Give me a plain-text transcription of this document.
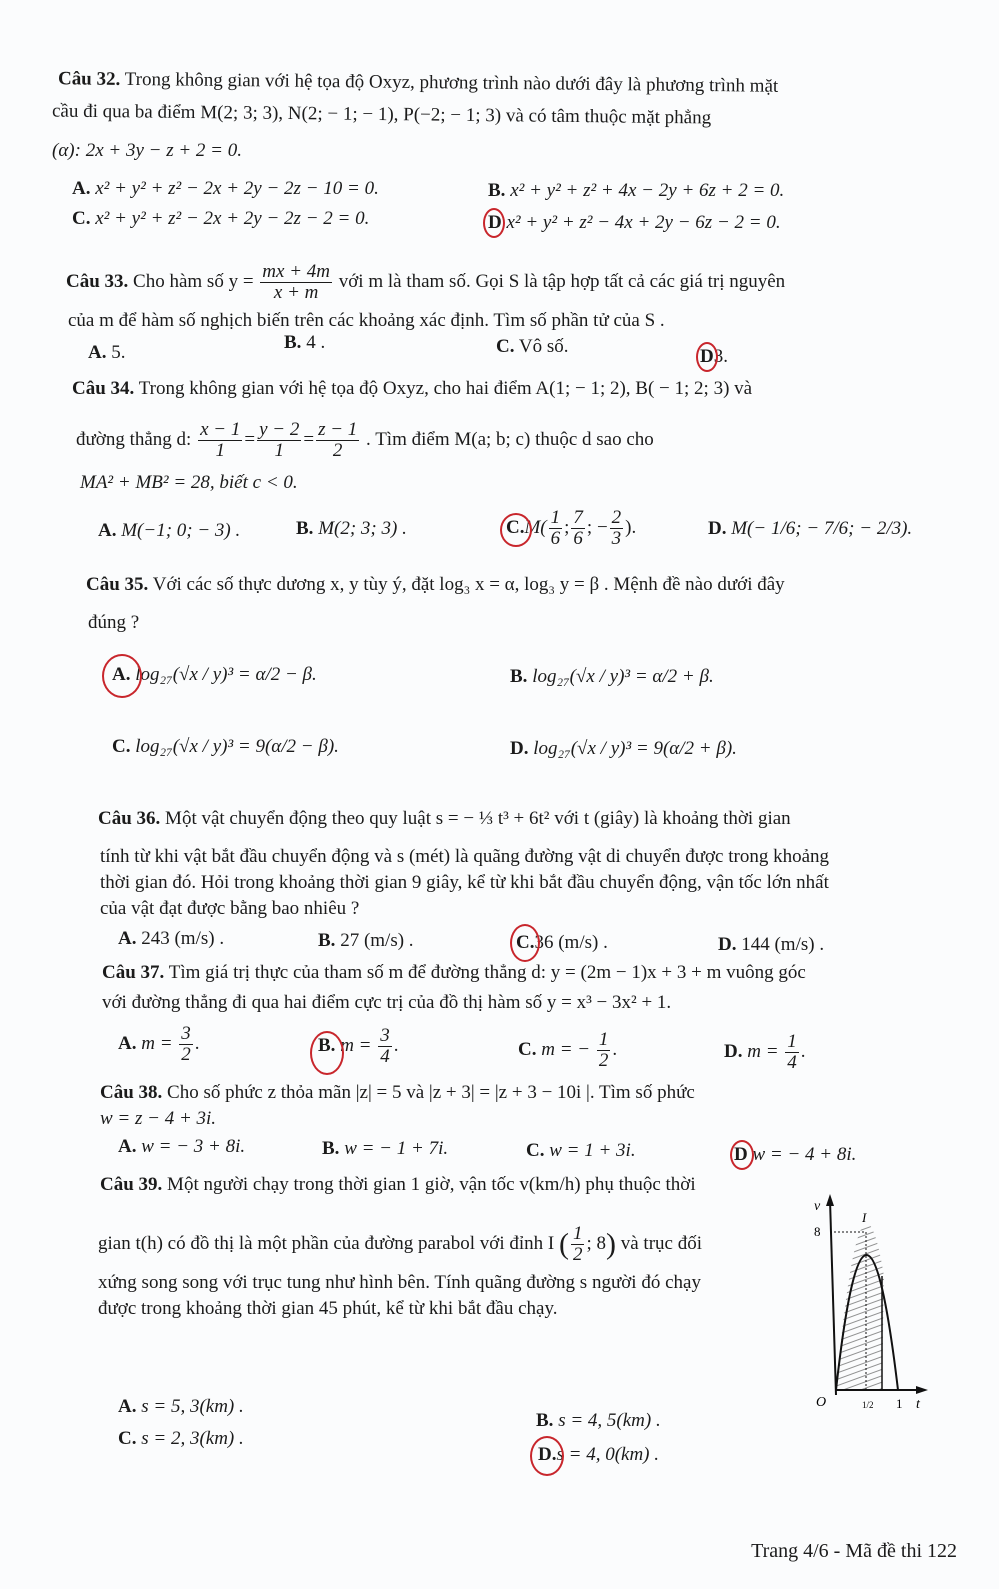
Câu 32. Trong không gian với hệ tọa độ Oxyz, phương trình nào dưới đây là phương trình mặt
cầu đi qua ba điểm M(2; 3; 3), N(2; − 1; − 1), P(−2; − 1; 3) và có tâm thuộc mặt phẳng
(α): 2x + 3y − z + 2 = 0.
A. x² + y² + z² − 2x + 2y − 2z − 10 = 0.	B. x² + y² + z² + 4x − 2y + 6z + 2 = 0.
C. x² + y² + z² − 2x + 2y − 2z − 2 = 0.	D x² + y² + z² − 4x + 2y − 6z − 2 = 0.
Câu 33. Cho hàm số $y = \frac{mx + 4m}{x + m}$ với m là tham số. Gọi S là tập hợp tất cả các giá trị nguyên
của m để hàm số nghịch biến trên các khoảng xác định. Tìm số phần tử của S .
A. 5.	B. 4 .	C. Vô số.	D3.
Câu 34. Trong không gian với hệ tọa độ Oxyz, cho hai điểm A(1; − 1; 2), B( − 1; 2; 3) và
đường thẳng d: $\frac{x - 1}{1} = \frac{y - 2}{1} = \frac{z - 1}{2}$ . Tìm điểm M(a; b; c) thuộc d sao cho
MA² + MB² = 28, biết c < 0.
A. M(−1; 0; − 3) .	B. M(2; 3; 3) .	$C.M( \frac{1}{6}$ ; $\frac{7}{6}$ ; − $\frac{2}{3}$ ).	D. M(− 1/6; − 7/6; − 2/3).
Câu 35. Với các số thực dương x, y tùy ý, đặt log₃ x = α, log₃ y = β . Mệnh đề nào dưới đây
đúng ?
A. log₂₇(√x / y)³ = α/2 − β.	B. log₂₇(√x / y)³ = α/2 + β.
C. log₂₇(√x / y)³ = 9(α/2 − β).	D. log₂₇(√x / y)³ = 9(α/2 + β).
Câu 36. Một vật chuyển động theo quy luật s = − ⅓ t³ + 6t² với t (giây) là khoảng thời gian
tính từ khi vật bắt đầu chuyển động và s (mét) là quãng đường vật di chuyển được trong khoảng
thời gian đó. Hỏi trong khoảng thời gian 9 giây, kể từ khi bắt đầu chuyển động, vận tốc lớn nhất
của vật đạt được bằng bao nhiêu ?
A. 243 (m/s) .	B. 27 (m/s) .	C.36 (m/s) .	D. 144 (m/s) .
Câu 37. Tìm giá trị thực của tham số m để đường thẳng d: y = (2m − 1)x + 3 + m vuông góc
với đường thẳng đi qua hai điểm cực trị của đồ thị hàm số y = x³ − 3x² + 1.
A. $m = \frac{3}{2}$ .	B. $m = \frac{3}{4}$ .	C. m = − $\frac{1}{2}$ .	D. $m = \frac{1}{4}$ .
Câu 38. Cho số phức z thỏa mãn |z| = 5 và |z + 3| = |z + 3 − 10i |. Tìm số phức
w = z − 4 + 3i.
A. w = − 3 + 8i.	B. w = − 1 + 7i.	C. w = 1 + 3i.	D w = − 4 + 8i.
Câu 39. Một người chạy trong thời gian 1 giờ, vận tốc v(km/h) phụ thuộc thời
gian t(h) có đồ thị là một phần của đường parabol với đỉnh I ( $\frac{1}{2}$ ; 8) và trục đối
xứng song song với trục tung như hình bên. Tính quãng đường s người đó chạy
được trong khoảng thời gian 45 phút, kể từ khi bắt đầu chạy.
v
8
I
O	1/2 1 t
A. s = 5, 3(km) .
B. s = 4, 5(km) .
C. s = 2, 3(km) .
D.s = 4, 0(km) .
Trang 4/6 - Mã đề thi 122
